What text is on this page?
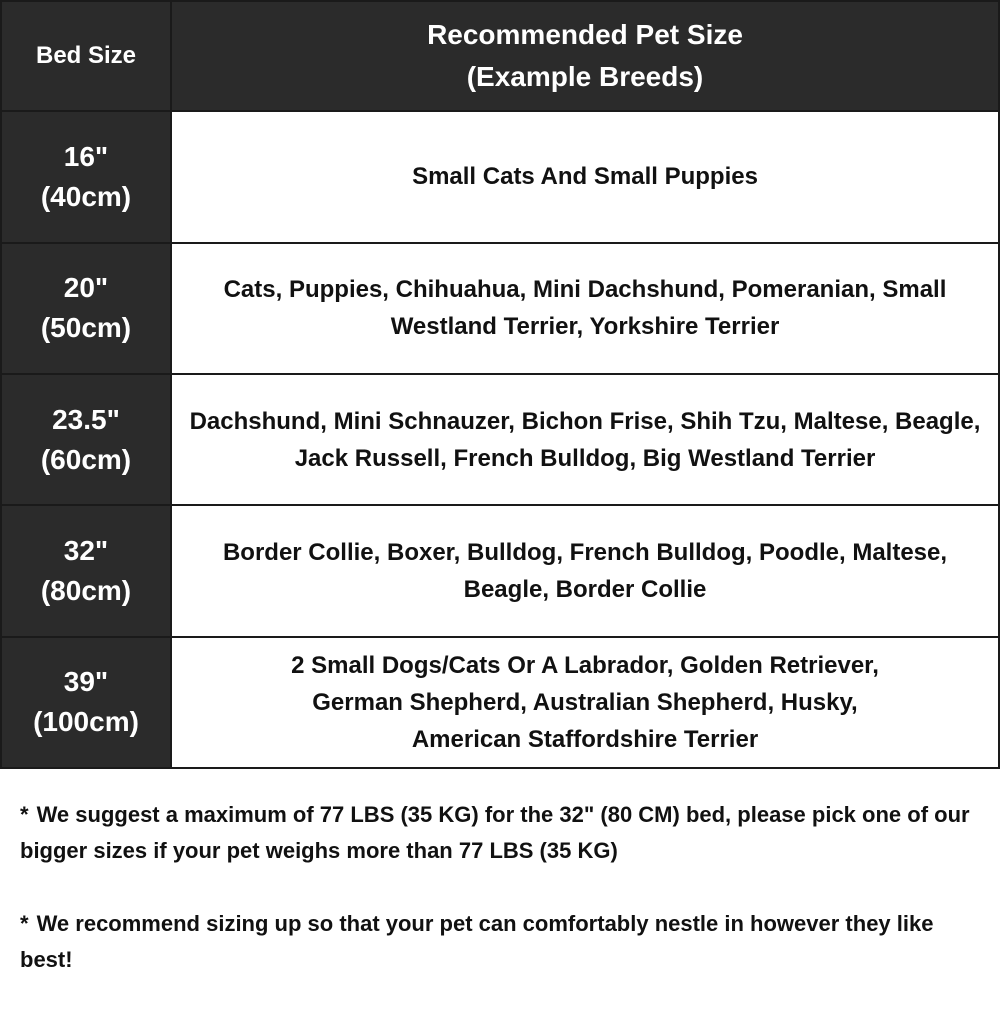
Bed Size	Recommended Pet Size
(Example Breeds)

16"
(40cm)	Small Cats And Small Puppies

20"
(50cm)	Cats, Puppies, Chihuahua, Mini Dachshund, Pomeranian, Small Westland Terrier, Yorkshire Terrier

23.5"
(60cm)	Dachshund, Mini Schnauzer, Bichon Frise, Shih Tzu, Maltese, Beagle, Jack Russell, French Bulldog, Big Westland Terrier

32"
(80cm)	Border Collie, Boxer, Bulldog, French Bulldog, Poodle, Maltese, Beagle, Border Collie

39"
(100cm)	2 Small Dogs/Cats Or A Labrador, Golden Retriever,
German Shepherd, Australian Shepherd, Husky,
American Staffordshire Terrier

* We suggest a maximum of 77 LBS (35 KG) for the 32" (80 CM) bed, please pick one of our bigger sizes if your pet weighs more than 77 LBS (35 KG)

* We recommend sizing up so that your pet can comfortably nestle in however they like best!
